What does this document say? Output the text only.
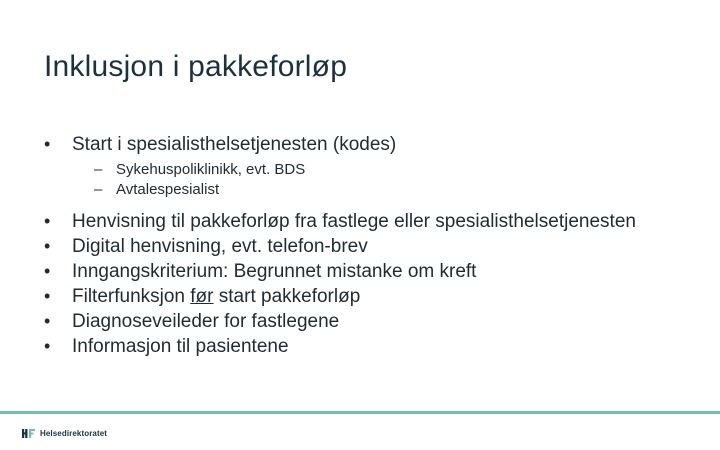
Inklusjon i pakkeforløp
• Start i spesialisthelsetjenesten (kodes)
– Sykehuspoliklinikk, evt. BDS
– Avtalespesialist
• Henvisning til pakkeforløp fra fastlege eller spesialisthelsetjenesten
• Digital henvisning, evt. telefon-brev
• Inngangskriterium: Begrunnet mistanke om kreft
• Filterfunksjon før start pakkeforløp
• Diagnoseveileder for fastlegene
• Informasjon til pasientene
Helsedirektoratet
